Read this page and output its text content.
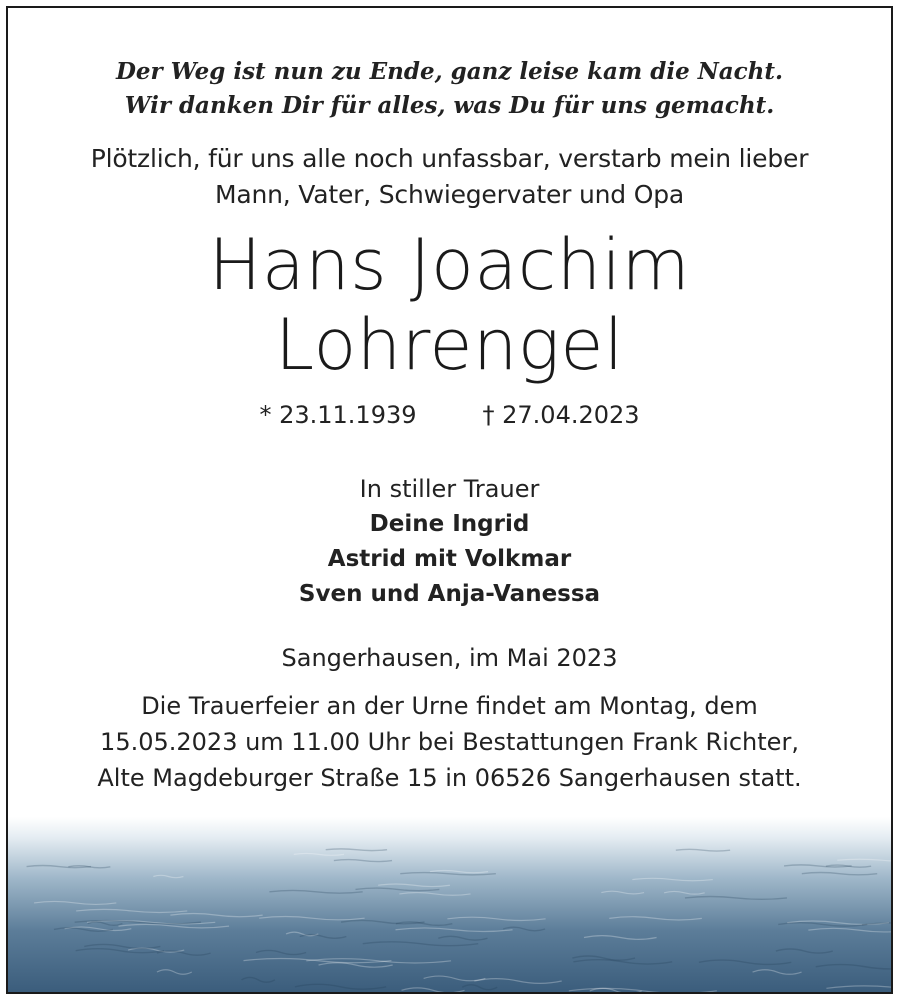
Der Weg ist nun zu Ende, ganz leise kam die Nacht.
Wir danken Dir für alles, was Du für uns gemacht.
Plötzlich, für uns alle noch unfassbar, verstarb mein lieber
Mann, Vater, Schwiegervater und Opa
Hans Joachim
Lohrengel
* 23.11.1939	† 27.04.2023
In stiller Trauer
Deine Ingrid
Astrid mit Volkmar
Sven und Anja-Vanessa
Sangerhausen, im Mai 2023
Die Trauerfeier an der Urne findet am Montag, dem
15.05.2023 um 11.00 Uhr bei Bestattungen Frank Richter,
Alte Magdeburger Straße 15 in 06526 Sangerhausen statt.
